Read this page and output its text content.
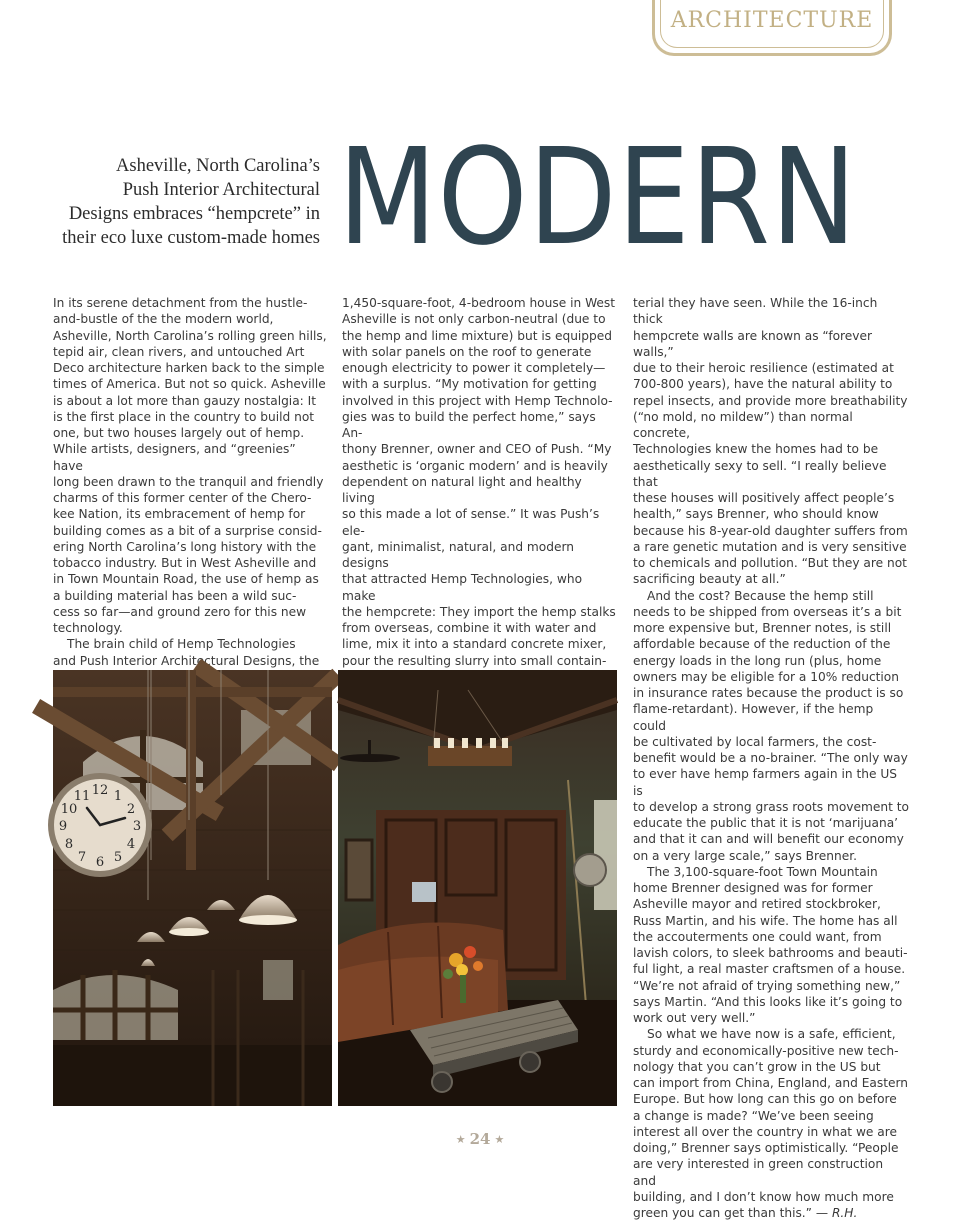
ARCHITECTURE
Asheville, North Carolina’s
Push Interior Architectural
Designs embraces “hempcrete” in
their eco luxe custom-made homes MODERN

In its serene detachment from the hustle-

and-bustle of the the modern world,

Asheville, North Carolina’s rolling green hills,

tepid air, clean rivers, and untouched Art

Deco architecture harken back to the simple

times of America. But not so quick. Asheville

is about a lot more than gauzy nostalgia: It

is the first place in the country to build not

one, but two houses largely out of hemp.

While artists, designers, and “greenies” have

long been drawn to the tranquil and friendly

charms of this former center of the Chero-

kee Nation, its embracement of hemp for

building comes as a bit of a surprise consid-

ering North Carolina’s long history with the

tobacco industry. But in West Asheville and

in Town Mountain Road, the use of hemp as

a building material has been a wild suc-

cess so far—and ground zero for this new

technology.

The brain child of Hemp Technologies

and Push Interior Architectural Designs, the

1,450-square-foot, 4-bedroom house in West

Asheville is not only carbon-neutral (due to

the hemp and lime mixture) but is equipped

with solar panels on the roof to generate

enough electricity to power it completely—

with a surplus. “My motivation for getting

involved in this project with Hemp Technolo-

gies was to build the perfect home,” says An-

thony Brenner, owner and CEO of Push. “My

aesthetic is ‘organic modern’ and is heavily

dependent on natural light and healthy living

so this made a lot of sense.” It was Push’s ele-

gant, minimalist, natural, and modern designs

that attracted Hemp Technologies, who make

the hempcrete: They import the hemp stalks

from overseas, combine it with water and

lime, mix it into a standard concrete mixer,

pour the resulting slurry into small contain-

terial they have seen. While the 16-inch thick

hempcrete walls are known as “forever walls,”

due to their heroic resilience (estimated at

700-800 years), have the natural ability to

repel insects, and provide more breathability

(“no mold, no mildew”) than normal concrete,

Technologies knew the homes had to be

aesthetically sexy to sell. “I really believe that

these houses will positively affect people’s

health,” says Brenner, who should know

because his 8-year-old daughter suffers from

a rare genetic mutation and is very sensitive

to chemicals and pollution. “But they are not

sacrificing beauty at all.”

And the cost? Because the hemp still

needs to be shipped from overseas it’s a bit

more expensive but, Brenner notes, is still

affordable because of the reduction of the

energy loads in the long run (plus, home

owners may be eligible for a 10% reduction

in insurance rates because the product is so

flame-retardant). However, if the hemp could

be cultivated by local farmers, the cost-

benefit would be a no-brainer. “The only way

to ever have hemp farmers again in the US is

to develop a strong grass roots movement to

educate the public that it is not ‘marijuana’

and that it can and will benefit our economy

on a very large scale,” says Brenner.

The 3,100-square-foot Town Mountain

home Brenner designed was for former

Asheville mayor and retired stockbroker,

Russ Martin, and his wife. The home has all

the accouterments one could want, from

lavish colors, to sleek bathrooms and beauti-

ful light, a real master craftsmen of a house.

“We’re not afraid of trying something new,”

says Martin. “And this looks like it’s going to

work out very well.”

So what we have now is a safe, efficient,

sturdy and economically-positive new tech-

nology that you can’t grow in the US but

can import from China, England, and Eastern

Europe. But how long can this go on before

a change is made? “We’ve been seeing

interest all over the country in what we are

doing,” Brenner says optimistically. “People

are very interested in green construction and

building, and I don’t know how much more

green you can get than this.” — R.H.

12
3
6
9
1
2
4
5
7
8
10
11
★ 24 ★
